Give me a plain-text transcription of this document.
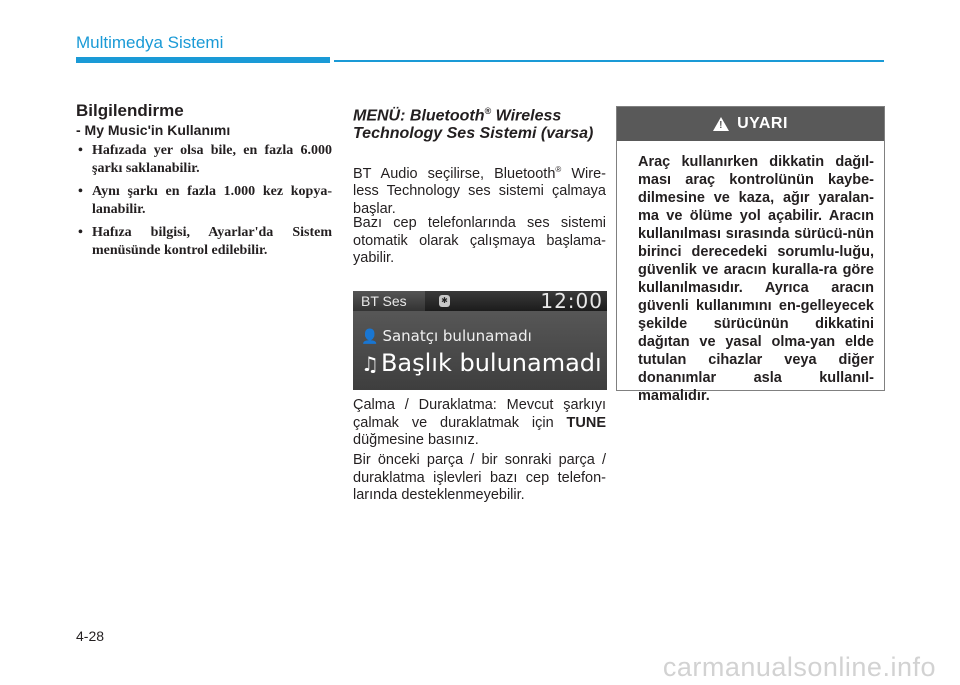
Multimedya Sistemi
Bilgilendirme
- My Music'in Kullanımı
• Hafızada yer olsa bile, en fazla 6.000 şarkı saklanabilir.
• Aynı şarkı en fazla 1.000 kez kopya-lanabilir.
• Hafıza bilgisi, Ayarlar'da Sistem menüsünde kontrol edilebilir.
MENÜ: Bluetooth® Wireless Technology Ses Sistemi (varsa)

BT Audio seçilirse, Bluetooth® Wire-less Technology ses sistemi çalmaya başlar.

Bazı cep telefonlarında ses sistemi otomatik olarak çalışmaya başlama-yabilir.

BT Ses	✱	12:00
👤 Sanatçı bulunamadı
♫Başlık bulunamadı

Çalma / Duraklatma: Mevcut şarkıyı çalmak ve duraklatmak için TUNE düğmesine basınız.

Bir önceki parça / bir sonraki parça / duraklatma işlevleri bazı cep telefon-larında desteklenmeyebilir.

! UYARI

Araç kullanırken dikkatin dağıl-ması araç kontrolünün kaybe-dilmesine ve kaza, ağır yaralan-ma ve ölüme yol açabilir. Aracın kullanılması sırasında sürücü-nün birinci derecedeki sorumlu-luğu, güvenlik ve aracın kuralla-ra göre kullanılmasıdır. Ayrıca aracın güvenli kullanımını en-gelleyecek şekilde sürücünün dikkatini dağıtan ve yasal olma-yan elde tutulan cihazlar veya diğer donanımlar asla kullanıl-mamalıdır.

4-28
carmanualsonline.info
